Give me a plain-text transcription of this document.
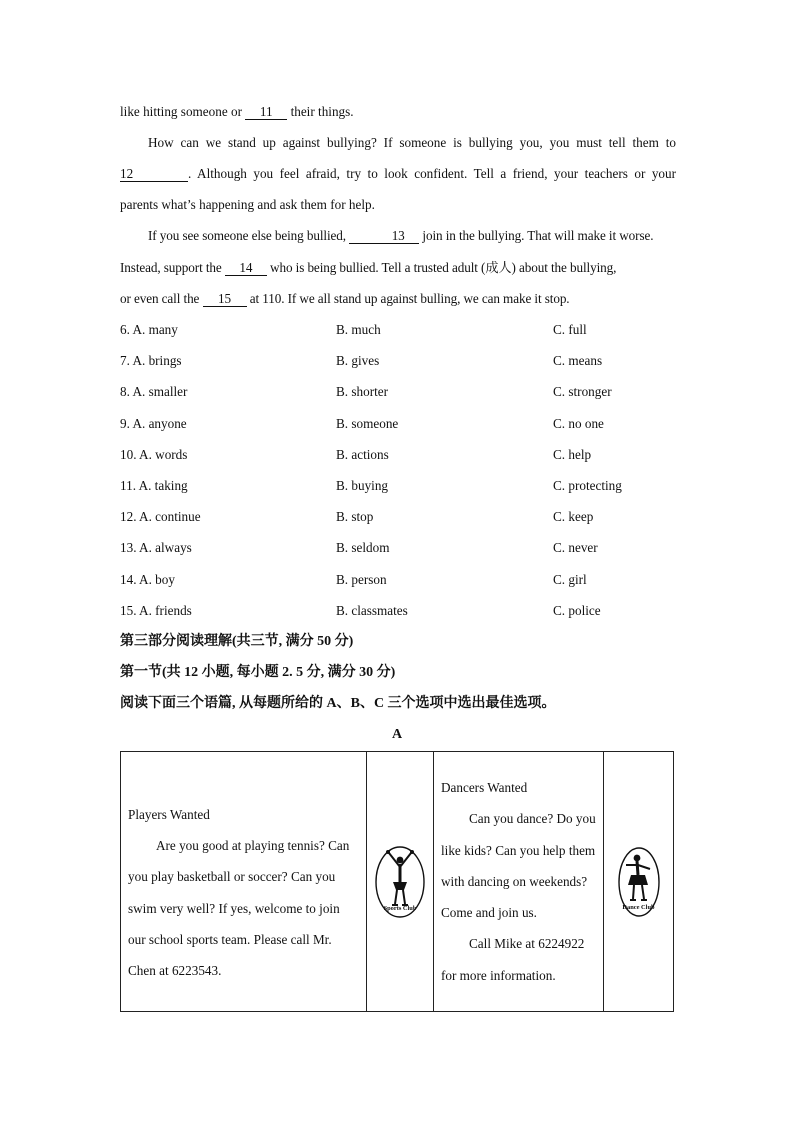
like hitting someone or 11 their things.
How can we stand up against bullying? If someone is bullying you, you must tell them to
12	. Although you feel afraid, try to look confident. Tell a friend, your teachers or your
parents what’s happening and ask them for help.
If you see someone else being bullied,	13 join in the bullying. That will make it worse.
Instead, support the 14 who is being bullied. Tell a trusted adult (成人) about the bullying,
or even call the 15 at 110. If we all stand up against bulling, we can make it stop.
6. A. many	B. much	C. full
7. A. brings	B. gives	C. means
8. A. smaller	B. shorter	C. stronger
9. A. anyone	B. someone	C. no one
10. A. words	B. actions	C. help
11. A. taking	B. buying	C. protecting
12. A. continue	B. stop	C. keep
13. A. always	B. seldom	C. never
14. A. boy	B. person	C. girl
15. A. friends	B. classmates	C. police
第三部分阅读理解(共三节, 满分 50 分)
第一节(共 12 小题, 每小题 2. 5 分, 满分 30 分)
阅读下面三个语篇, 从每题所给的 A、B、C 三个选项中选出最佳选项。
A

Players Wanted

Are you good at playing tennis? Can you play basketball or soccer? Can you swim very well? If yes, welcome to join our school sports team. Please call Mr. Chen at 6223543.

Sports Club

Dancers Wanted

Can you dance? Do you like kids? Can you help them with dancing on weekends? Come and join us.

Call Mike at 6224922 for more information.

Dance Club
